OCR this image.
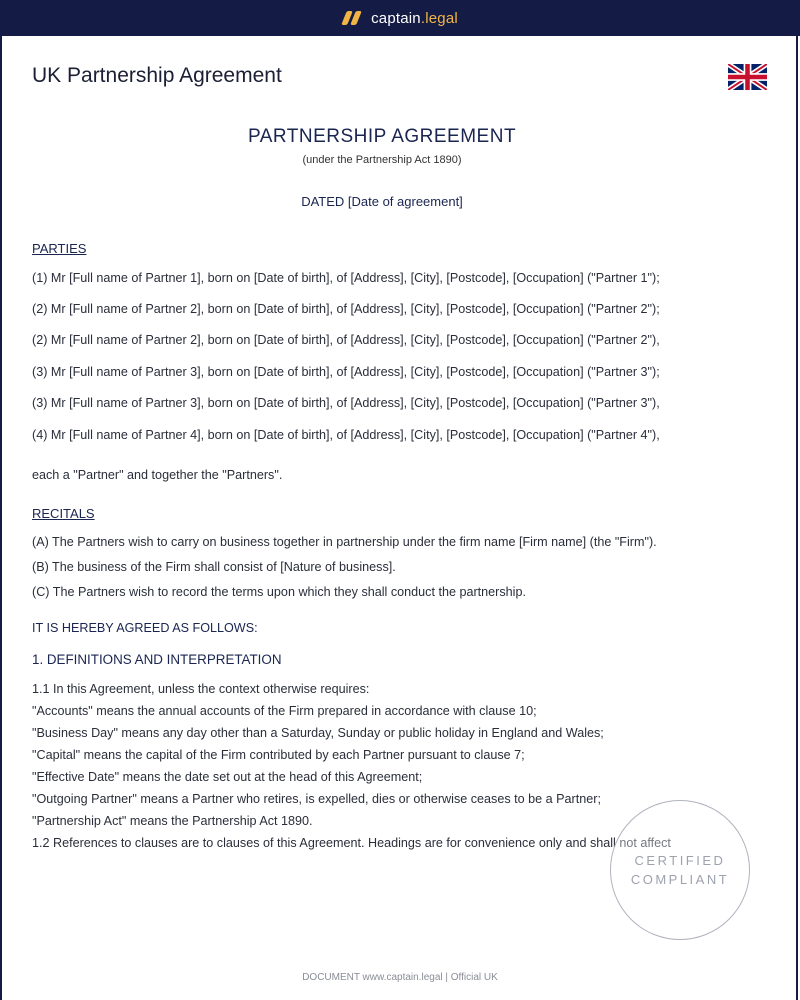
captain.legal
UK Partnership Agreement
PARTNERSHIP AGREEMENT

(under the Partnership Act 1890)

DATED [Date of agreement]

PARTIES

(1) Mr [Full name of Partner 1], born on [Date of birth], of [Address], [City], [Postcode], [Occupation] ("Partner 1");

(2) Mr [Full name of Partner 2], born on [Date of birth], of [Address], [City], [Postcode], [Occupation] ("Partner 2");

(2) Mr [Full name of Partner 2], born on [Date of birth], of [Address], [City], [Postcode], [Occupation] ("Partner 2"),

(3) Mr [Full name of Partner 3], born on [Date of birth], of [Address], [City], [Postcode], [Occupation] ("Partner 3");

(3) Mr [Full name of Partner 3], born on [Date of birth], of [Address], [City], [Postcode], [Occupation] ("Partner 3"),

(4) Mr [Full name of Partner 4], born on [Date of birth], of [Address], [City], [Postcode], [Occupation] ("Partner 4"),

each a "Partner" and together the "Partners".

RECITALS

(A) The Partners wish to carry on business together in partnership under the firm name [Firm name] (the "Firm").

(B) The business of the Firm shall consist of [Nature of business].

(C) The Partners wish to record the terms upon which they shall conduct the partnership.

IT IS HEREBY AGREED AS FOLLOWS:

1. DEFINITIONS AND INTERPRETATION

1.1 In this Agreement, unless the context otherwise requires:

"Accounts" means the annual accounts of the Firm prepared in accordance with clause 10;

"Business Day" means any day other than a Saturday, Sunday or public holiday in England and Wales;

"Capital" means the capital of the Firm contributed by each Partner pursuant to clause 7;

"Effective Date" means the date set out at the head of this Agreement;

"Outgoing Partner" means a Partner who retires, is expelled, dies or otherwise ceases to be a Partner;

"Partnership Act" means the Partnership Act 1890.

1.2 References to clauses are to clauses of this Agreement. Headings are for convenience only and shall not affect

CERTIFIED
COMPLIANT
DOCUMENT www.captain.legal | Official UK
